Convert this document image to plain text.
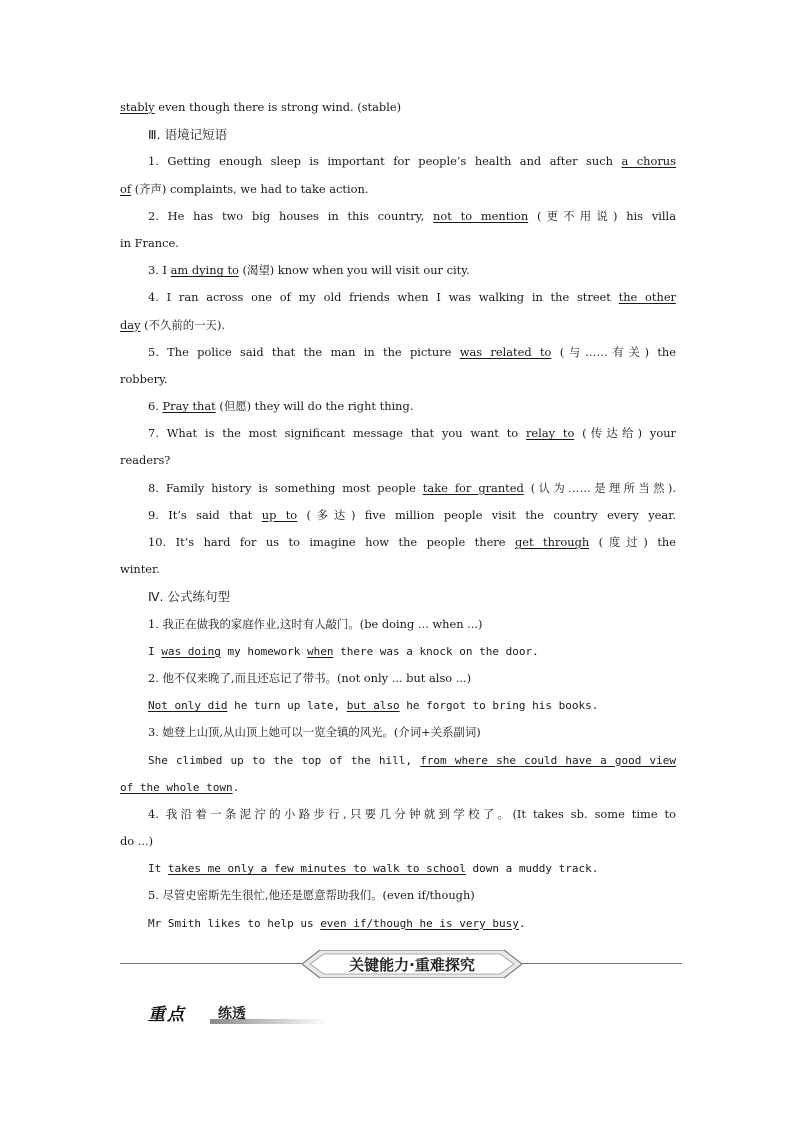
stably even though there is strong wind. (stable)
Ⅲ. 语境记短语
1. Getting enough sleep is important for people’s health and after such a chorus
of (齐声) complaints, we had to take action.
2. He has two big houses in this country, not to mention (更不用说) his villa
in France.
3. I am dying to (渴望) know when you will visit our city.
4. I ran across one of my old friends when I was walking in the street the other
day (不久前的一天).
5. The police said that the man in the picture was related to (与……有关) the
robbery.
6. Pray that (但愿) they will do the right thing.
7. What is the most significant message that you want to relay to (传达给) your
readers?
8. Family history is something most people take for granted (认为……是理所当然).
9. It’s said that up to (多达) five million people visit the country every year.
10. It’s hard for us to imagine how the people there get through (度过) the
winter.
Ⅳ. 公式练句型
1. 我正在做我的家庭作业,这时有人敲门。(be doing ... when ...)
I was doing my homework when there was a knock on the door.
2. 他不仅来晚了,而且还忘记了带书。(not only ... but also ...)
Not only did he turn up late, but also he forgot to bring his books.
3. 她登上山顶,从山顶上她可以一览全镇的风光。(介词+关系副词)
She climbed up to the top of the hill, from where she could have a good view
of the whole town.
4. 我沿着一条泥泞的小路步行,只要几分钟就到学校了。(It takes sb. some time to
do ...)
It takes me only a few minutes to walk to school down a muddy track.
5. 尽管史密斯先生很忙,他还是愿意帮助我们。(even if/though)
Mr Smith likes to help us even if/though he is very busy.
关键能力·重难探究
重点 练透
